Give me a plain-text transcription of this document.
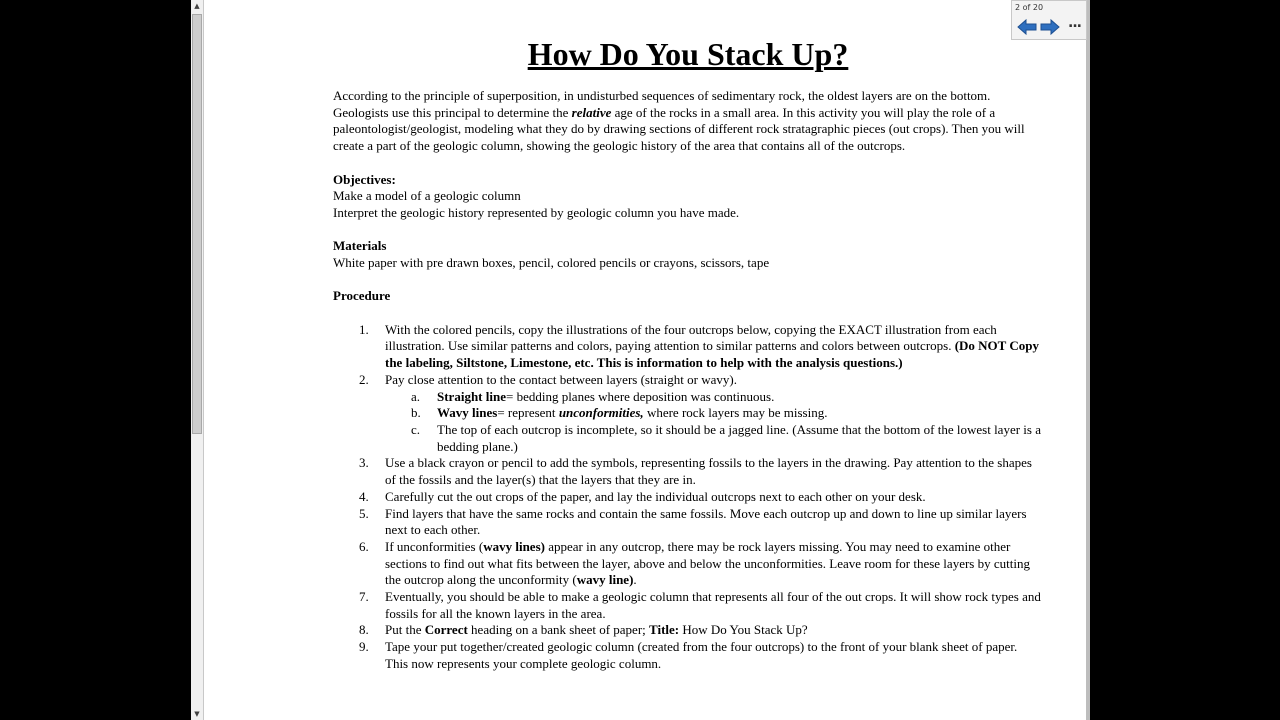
▲
▼
How Do You Stack Up?

According to the principle of superposition, in undisturbed sequences of sedimentary rock, the oldest layers are on the bottom. Geologists use this principal to determine the relative age of the rocks in a small area. In this activity you will play the role of a paleontologist/geologist, modeling what they do by drawing sections of different rock stratagraphic pieces (out crops). Then you will create a part of the geologic column, showing the geologic history of the area that contains all of the outcrops.

Objectives:

Make a model of a geologic column

Interpret the geologic history represented by geologic column you have made.

Materials

White paper with pre drawn boxes, pencil, colored pencils or crayons, scissors, tape

Procedure

1. With the colored pencils, copy the illustrations of the four outcrops below, copying the EXACT illustration from each illustration. Use similar patterns and colors, paying attention to similar patterns and colors between outcrops. (Do NOT Copy the labeling, Siltstone, Limestone, etc. This is information to help with the analysis questions.)
2. Pay close attention to the contact between layers (straight or wavy).
a. Straight line= bedding planes where deposition was continuous.
b. Wavy lines= represent unconformities, where rock layers may be missing.
c. The top of each outcrop is incomplete, so it should be a jagged line. (Assume that the bottom of the lowest layer is a bedding plane.)
3. Use a black crayon or pencil to add the symbols, representing fossils to the layers in the drawing. Pay attention to the shapes of the fossils and the layer(s) that the layers that they are in.
4. Carefully cut the out crops of the paper, and lay the individual outcrops next to each other on your desk.
5. Find layers that have the same rocks and contain the same fossils. Move each outcrop up and down to line up similar layers next to each other.
6. If unconformities (wavy lines) appear in any outcrop, there may be rock layers missing. You may need to examine other sections to find out what fits between the layer, above and below the unconformities. Leave room for these layers by cutting the outcrop along the unconformity (wavy line).
7. Eventually, you should be able to make a geologic column that represents all four of the out crops. It will show rock types and fossils for all the known layers in the area.
8. Put the Correct heading on a bank sheet of paper; Title: How Do You Stack Up?
9. Tape your put together/created geologic column (created from the four outcrops) to the front of your blank sheet of paper. This now represents your complete geologic column.
2 of 20
...
